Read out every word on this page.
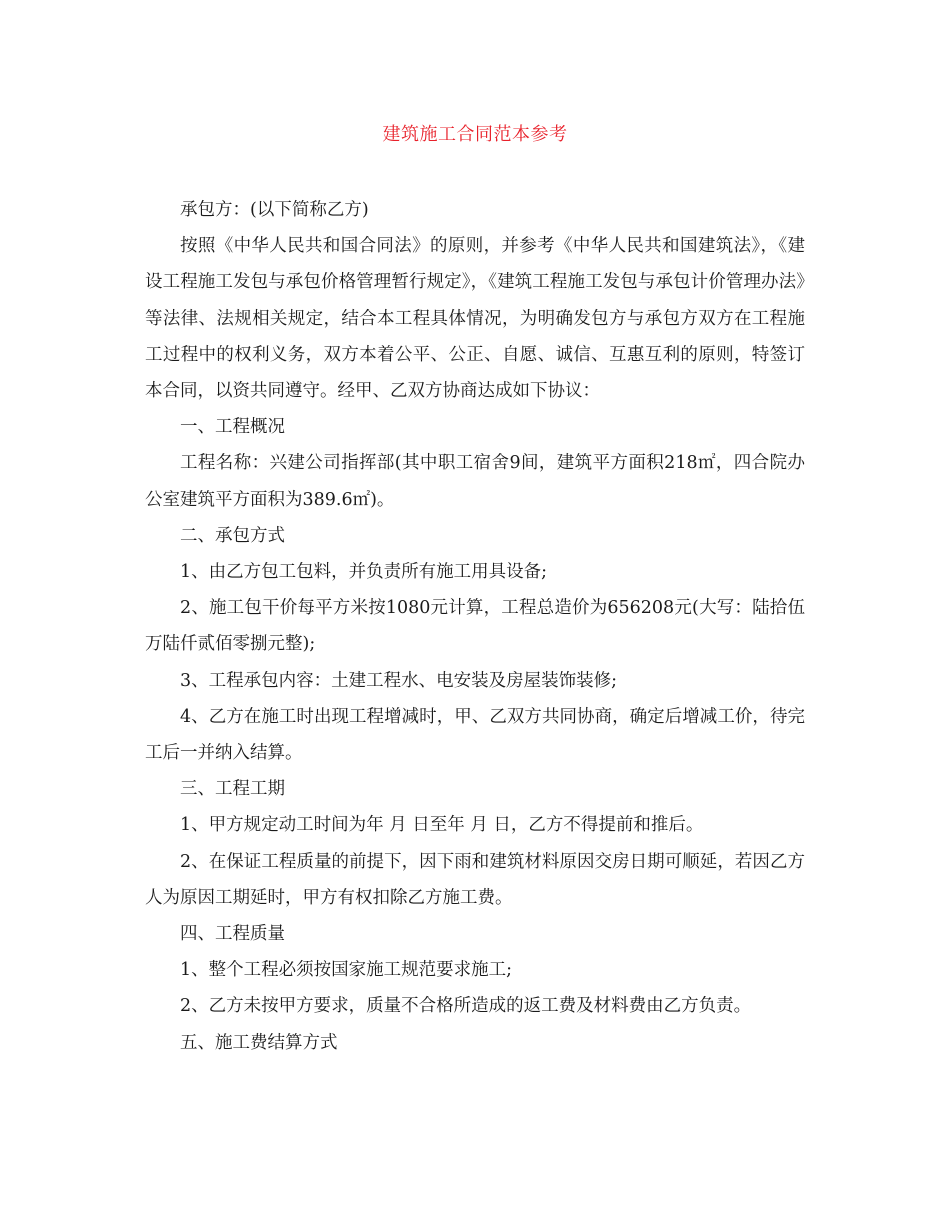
建筑施工合同范本参考

承包方：(以下简称乙方)

按照《中华人民共和国合同法》的原则，并参考《中华人民共和国建筑法》，《建设工程施工发包与承包价格管理暂行规定》，《建筑工程施工发包与承包计价管理办法》等法律、法规相关规定，结合本工程具体情况，为明确发包方与承包方双方在工程施工过程中的权利义务，双方本着公平、公正、自愿、诚信、互惠互利的原则，特签订本合同，以资共同遵守。经甲、乙双方协商达成如下协议：

一、工程概况

工程名称：兴建公司指挥部(其中职工宿舍9间，建筑平方面积218㎡，四合院办公室建筑平方面积为389.6㎡)。

二、承包方式

1、由乙方包工包料，并负责所有施工用具设备;

2、施工包干价每平方米按1080元计算，工程总造价为656208元(大写：陆拾伍万陆仟贰佰零捌元整);

3、工程承包内容：土建工程水、电安装及房屋装饰装修;

4、乙方在施工时出现工程增减时，甲、乙双方共同协商，确定后增减工价，待完工后一并纳入结算。

三、工程工期

1、甲方规定动工时间为年 月 日至年 月 日，乙方不得提前和推后。

2、在保证工程质量的前提下，因下雨和建筑材料原因交房日期可顺延，若因乙方人为原因工期延时，甲方有权扣除乙方施工费。

四、工程质量

1、整个工程必须按国家施工规范要求施工;

2、乙方未按甲方要求，质量不合格所造成的返工费及材料费由乙方负责。

五、施工费结算方式
